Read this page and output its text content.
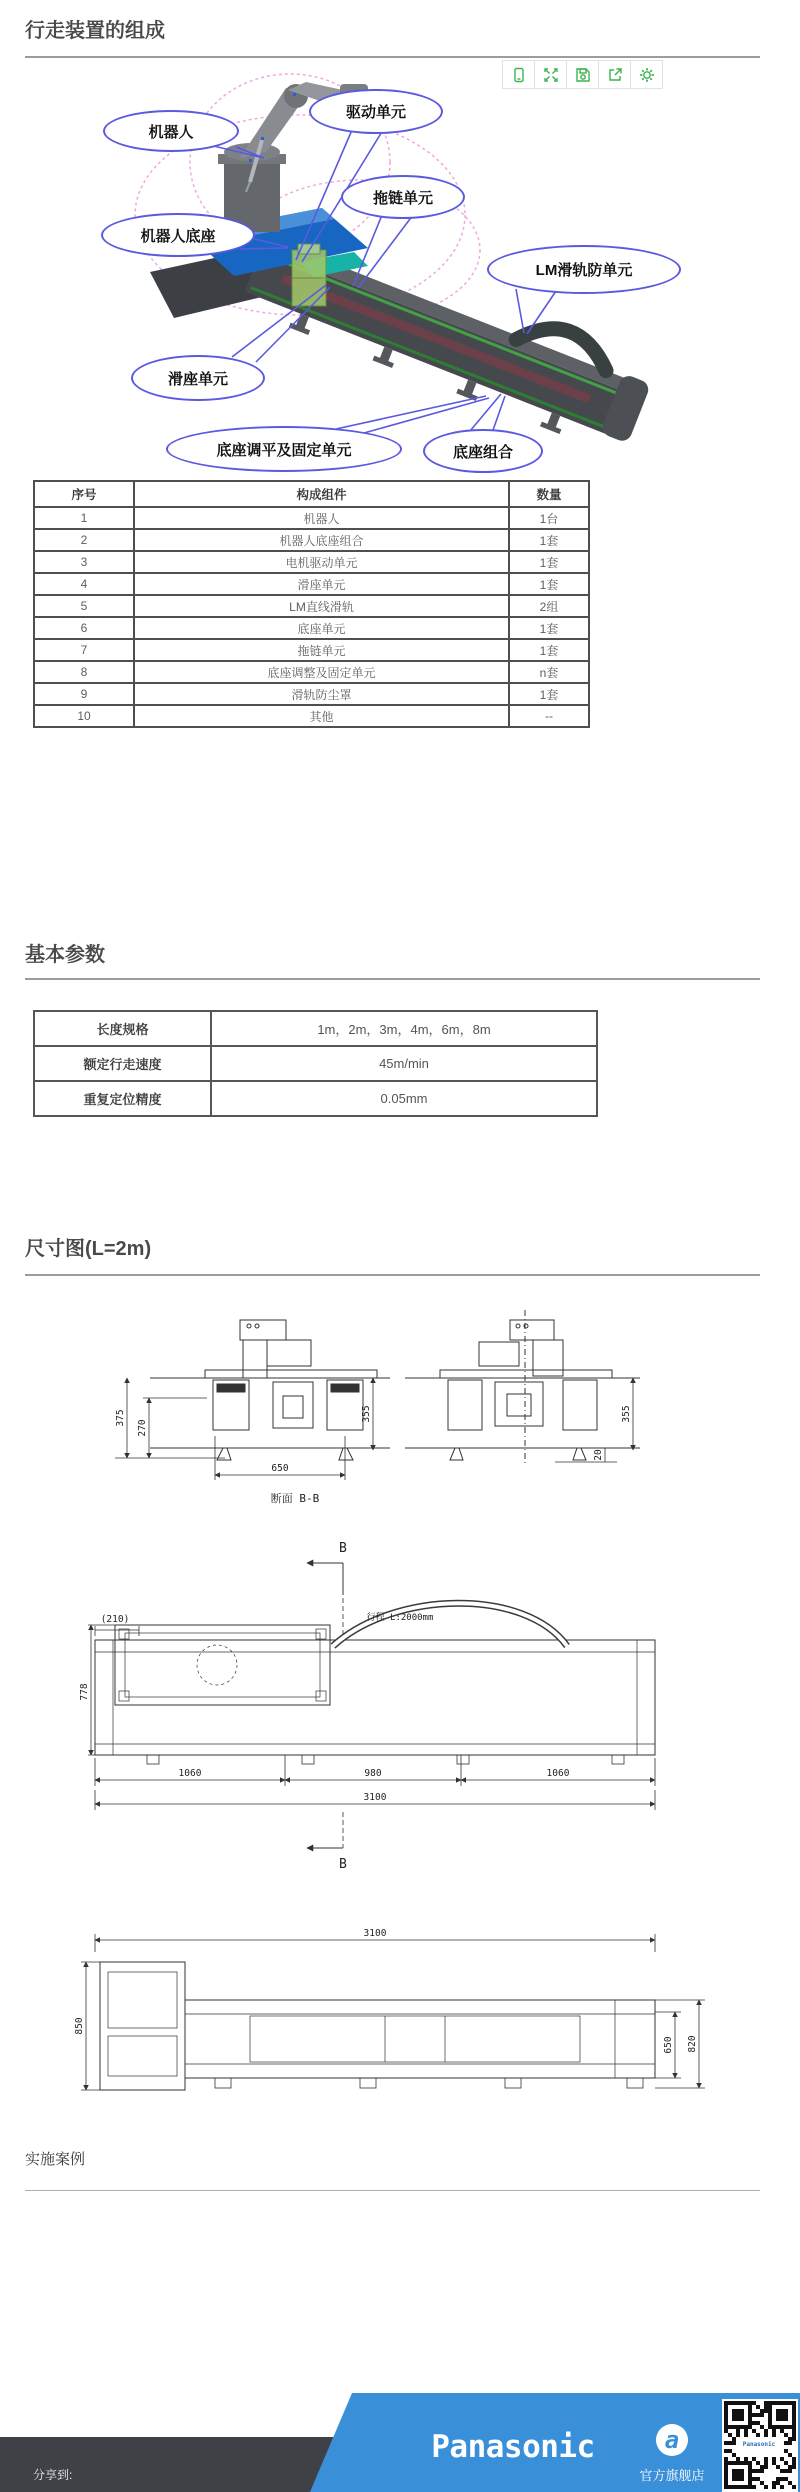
行走装置的组成
机器人
驱动单元
拖链单元
LM滑轨防单元
机器人底座
滑座单元
底座调平及固定单元	底座组合
序号	构成组件	数量
1	机器人	1台
2	机器人底座组合	1套
3	电机驱动单元	1套
4	滑座单元	1套
5	LM直线滑轨	2组
6	底座单元	1套
7	拖链单元	1套
8	底座调整及固定单元	n套
9	滑轨防尘罩	1套
10	其他	--
基本参数
长度规格	1m，2m，3m，4m，6m，8m
额定行走速度	45m/min
重复定位精度	0.05mm
尺寸图(L=2m)
375
270
355
650
355
20
断面 B-B
B
(210)	行程 L:2000mm
778
1060	980	1060
3100
B
3100
850
650 820
实施案例
Panasonic	a
官方旗舰店
Panasonic
分享到:
